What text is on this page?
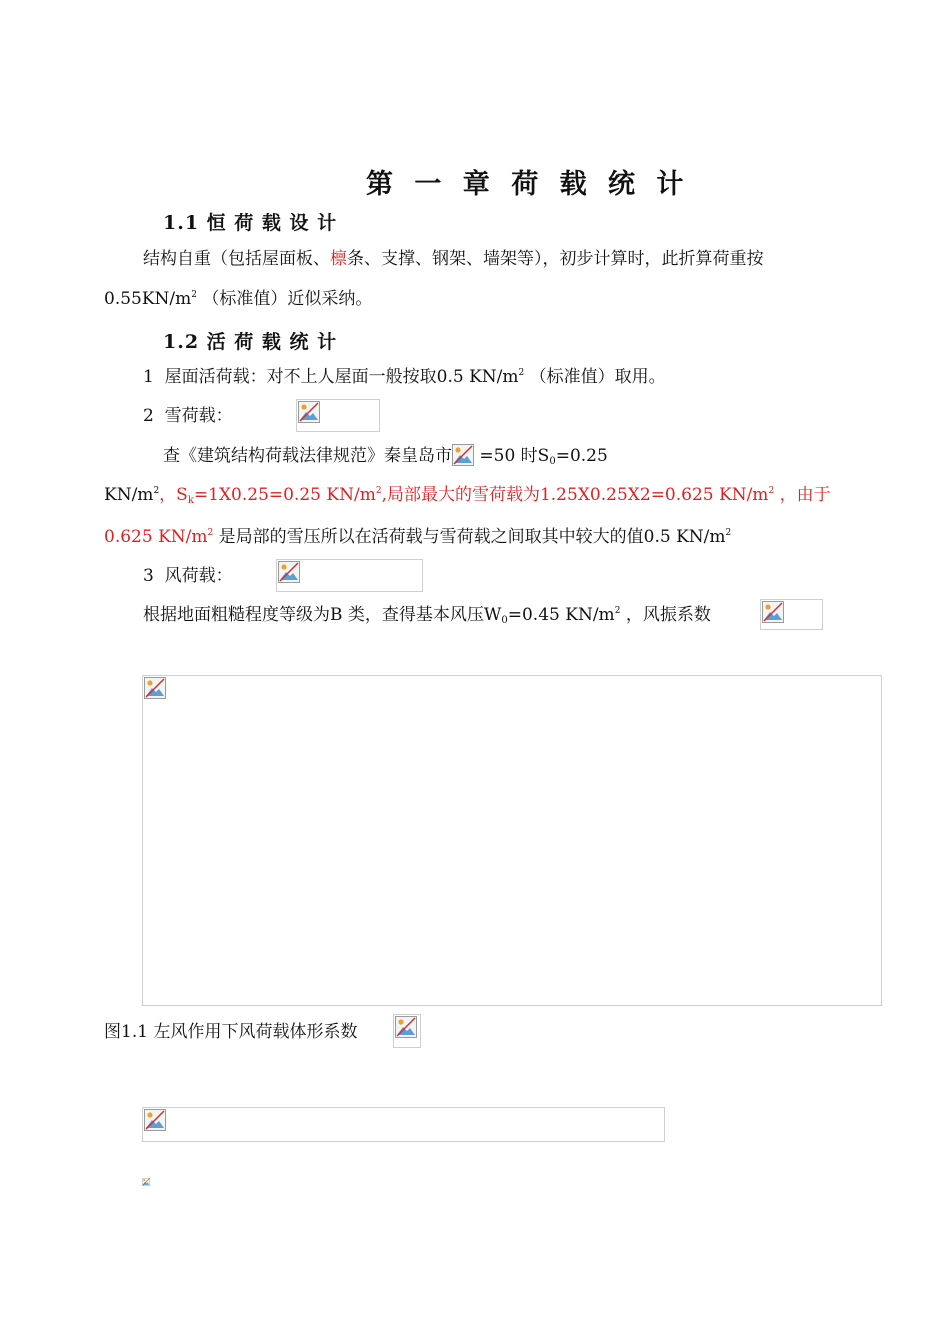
第 一 章 荷 载 统 计
1.1 恒 荷 载 设 计
结构自重（包括屋面板、檩条、支撑、钢架、墙架等），初步计算时，此折算荷重按
$0.55KN/m^2$ （标准值）近似采纳。
1.2 活 荷 载 统 计
1 屋面活荷载：对不上人屋面一般按取0.5 $KN/m^2$ （标准值）取用。
2 雪荷载：
查《建筑结构荷载法律规范》秦皇岛市
=50 时$S_0=0.25$
$KN/m^2$，$S_k=1X0.25=0.25$ $KN/m^2$,局部最大的雪荷载为1.25X0.25X2=0.625 $KN/m^2$ ，由于
0.625 $KN/m^2$ 是局部的雪压所以在活荷载与雪荷载之间取其中较大的值0.5 $KN/m^2$
3 风荷载：
根据地面粗糙程度等级为B 类，查得基本风压$W_0=0.45$ $KN/m^2$ ，风振系数
图1.1 左风作用下风荷载体形系数
